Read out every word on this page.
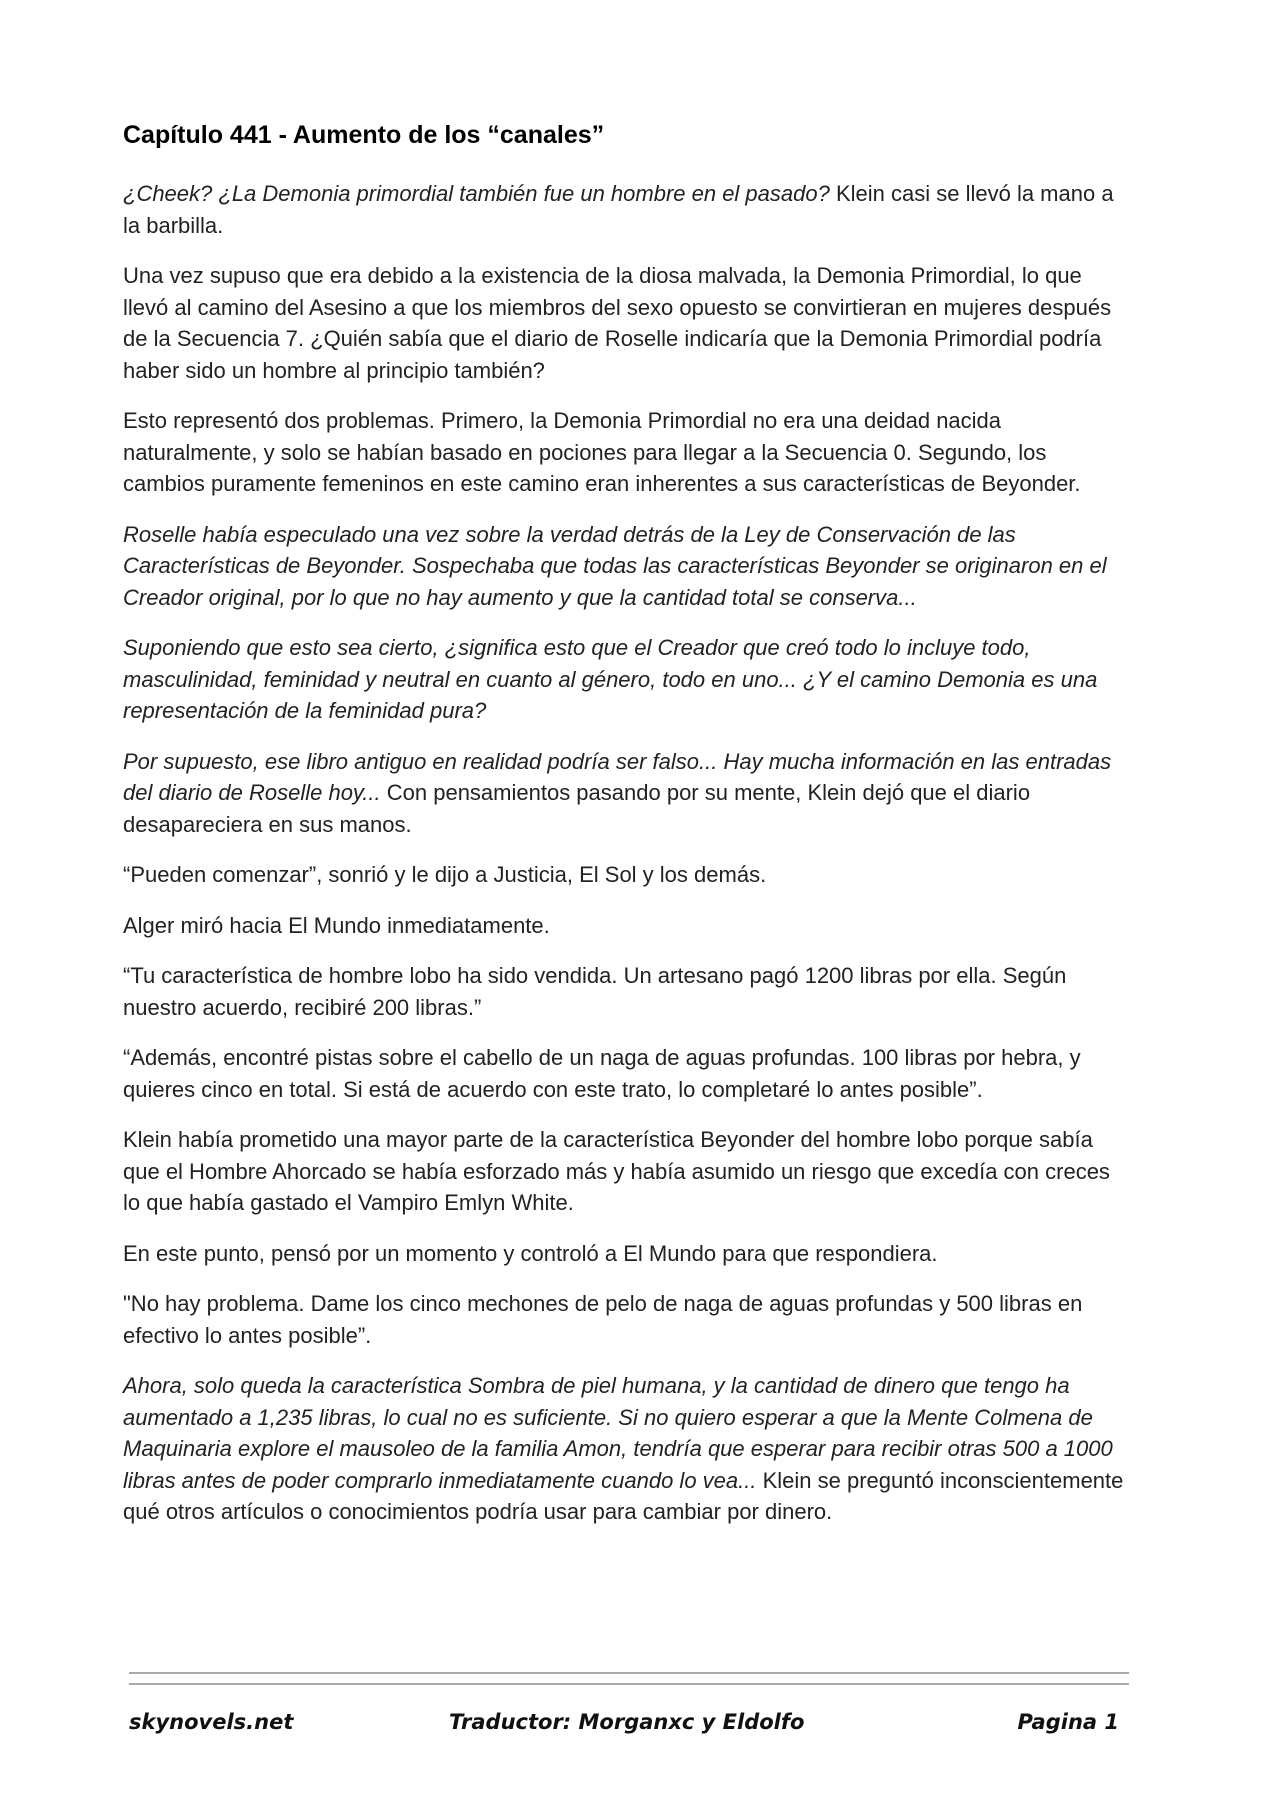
Capítulo 441 - Aumento de los “canales”

¿Cheek? ¿La Demonia primordial también fue un hombre en el pasado? Klein casi se llevó la mano a la barbilla.

Una vez supuso que era debido a la existencia de la diosa malvada, la Demonia Primordial, lo que llevó al camino del Asesino a que los miembros del sexo opuesto se convirtieran en mujeres después de la Secuencia 7. ¿Quién sabía que el diario de Roselle indicaría que la Demonia Primordial podría haber sido un hombre al principio también?

Esto representó dos problemas. Primero, la Demonia Primordial no era una deidad nacida naturalmente, y solo se habían basado en pociones para llegar a la Secuencia 0. Segundo, los cambios puramente femeninos en este camino eran inherentes a sus características de Beyonder.

Roselle había especulado una vez sobre la verdad detrás de la Ley de Conservación de las Características de Beyonder. Sospechaba que todas las características Beyonder se originaron en el Creador original, por lo que no hay aumento y que la cantidad total se conserva...

Suponiendo que esto sea cierto, ¿significa esto que el Creador que creó todo lo incluye todo, masculinidad, feminidad y neutral en cuanto al género, todo en uno... ¿Y el camino Demonia es una representación de la feminidad pura?

Por supuesto, ese libro antiguo en realidad podría ser falso... Hay mucha información en las entradas del diario de Roselle hoy... Con pensamientos pasando por su mente, Klein dejó que el diario desapareciera en sus manos.

“Pueden comenzar”, sonrió y le dijo a Justicia, El Sol y los demás.

Alger miró hacia El Mundo inmediatamente.

“Tu característica de hombre lobo ha sido vendida. Un artesano pagó 1200 libras por ella. Según nuestro acuerdo, recibiré 200 libras.”

“Además, encontré pistas sobre el cabello de un naga de aguas profundas. 100 libras por hebra, y quieres cinco en total. Si está de acuerdo con este trato, lo completaré lo antes posible”.

Klein había prometido una mayor parte de la característica Beyonder del hombre lobo porque sabía que el Hombre Ahorcado se había esforzado más y había asumido un riesgo que excedía con creces lo que había gastado el Vampiro Emlyn White.

En este punto, pensó por un momento y controló a El Mundo para que respondiera.

"No hay problema. Dame los cinco mechones de pelo de naga de aguas profundas y 500 libras en efectivo lo antes posible”.

Ahora, solo queda la característica Sombra de piel humana, y la cantidad de dinero que tengo ha aumentado a 1,235 libras, lo cual no es suficiente. Si no quiero esperar a que la Mente Colmena de Maquinaria explore el mausoleo de la familia Amon, tendría que esperar para recibir otras 500 a 1000 libras antes de poder comprarlo inmediatamente cuando lo vea... Klein se preguntó inconscientemente qué otros artículos o conocimientos podría usar para cambiar por dinero.

skynovels.net	Traductor: Morganxc y Eldolfo	Pagina 1
